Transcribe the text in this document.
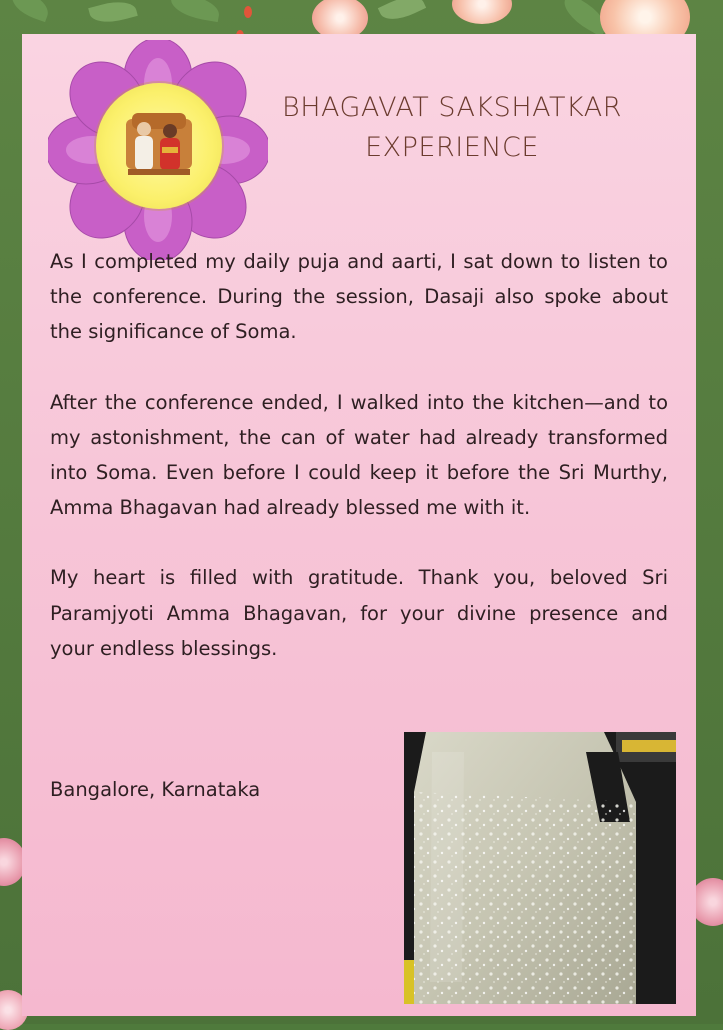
BHAGAVAT SAKSHATKAR
EXPERIENCE

As I completed my daily puja and aarti, I sat down to listen to the conference. During the session, Dasaji also spoke about the significance of Soma.

After the conference ended, I walked into the kitchen—and to my astonishment, the can of water had already transformed into Soma. Even before I could keep it before the Sri Murthy, Amma Bhagavan had already blessed me with it.

My heart is filled with gratitude. Thank you, beloved Sri Paramjyoti Amma Bhagavan, for your divine presence and your endless blessings.

Bangalore, Karnataka
